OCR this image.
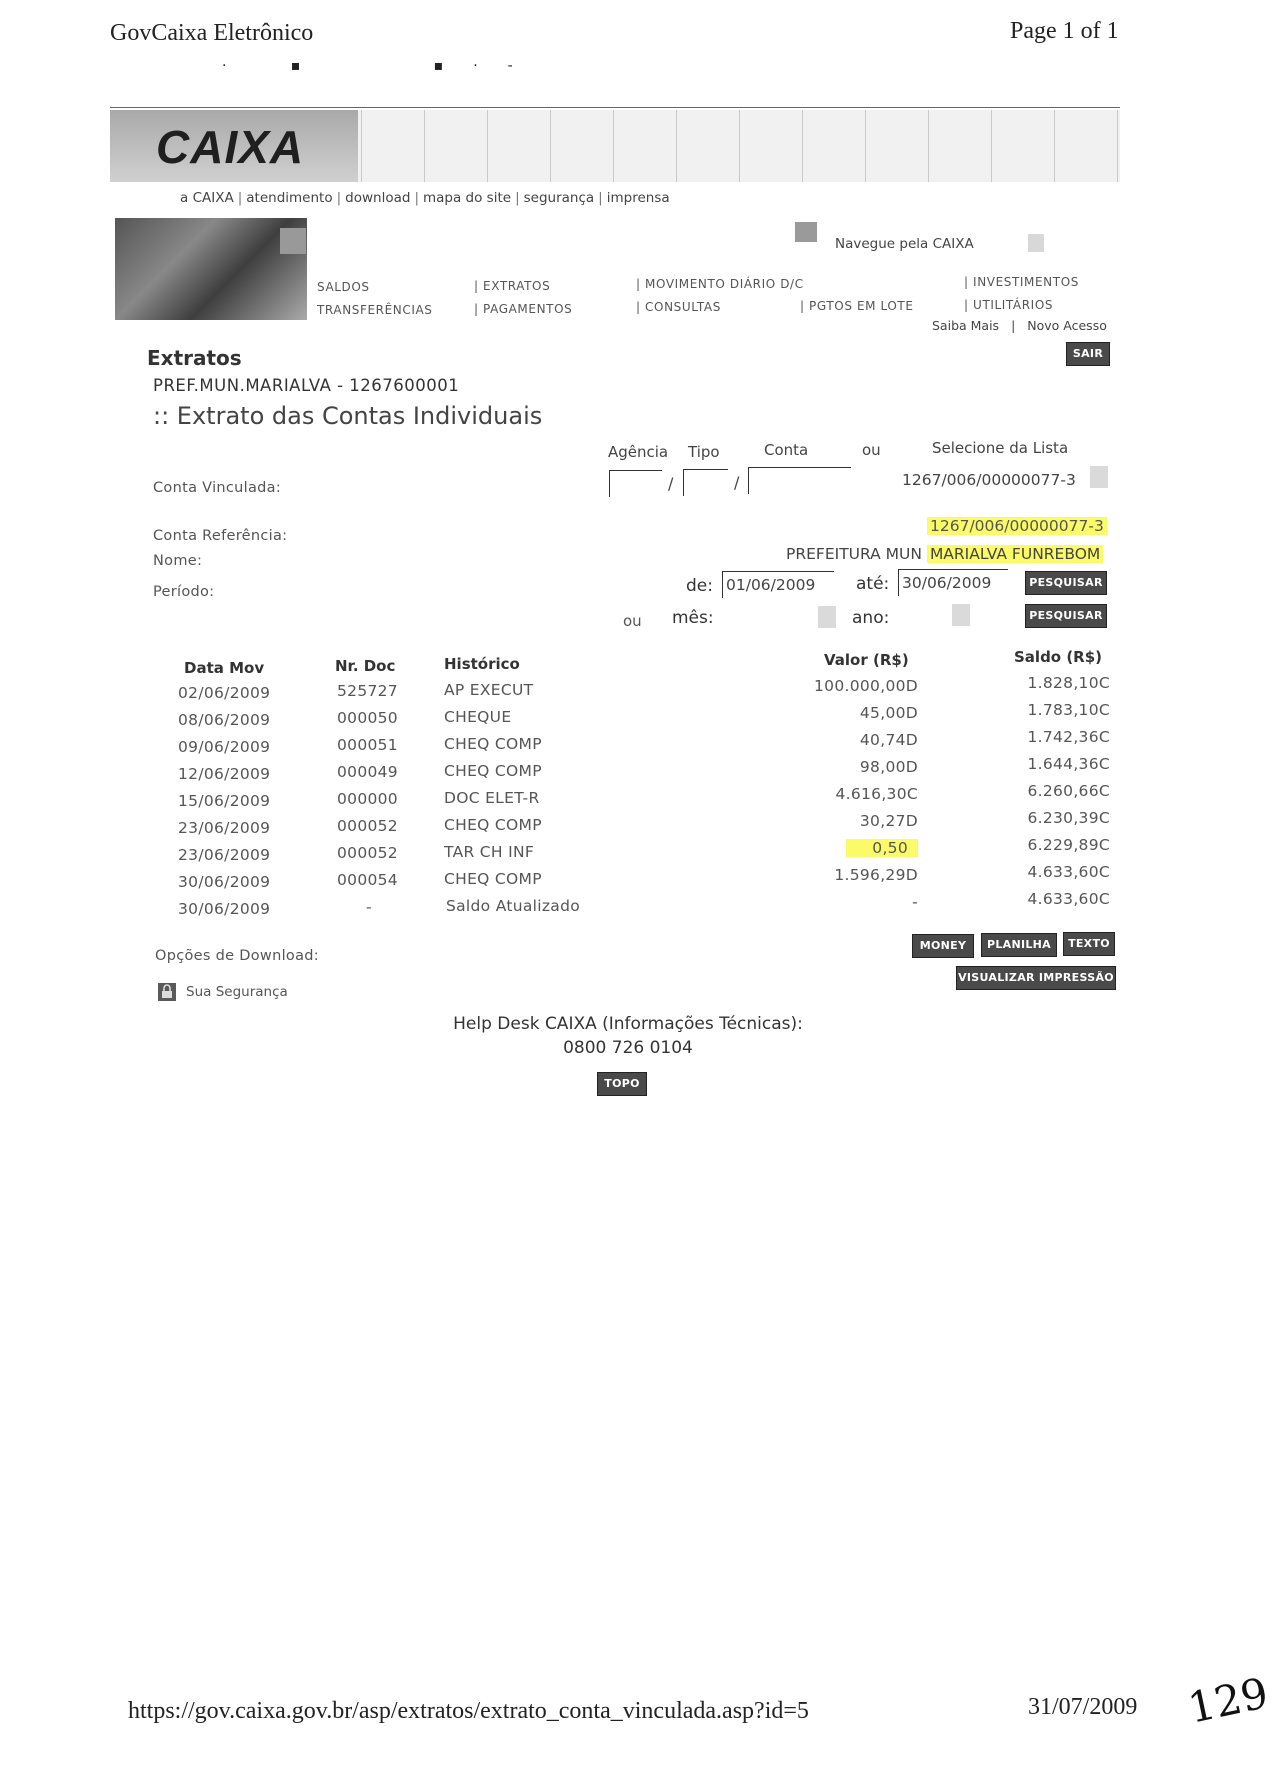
GovCaixa Eletrônico	Page 1 of 1
· ▪   ▪·‐
CAIXA
a CAIXA | atendimento | download | mapa do site | segurança | imprensa
Navegue pela CAIXA
SALDOS
TRANSFERÊNCIAS
| EXTRATOS
| PAGAMENTOS
| MOVIMENTO DIÁRIO D/C
| CONSULTAS	| PGTOS EM LOTE
| INVESTIMENTOS
| UTILITÁRIOS
Saiba Mais | Novo Acesso
SAIR
Extratos
PREF.MUN.MARIALVA - 1267600001
:: Extrato das Contas Individuais
Agência Tipo	Conta	ou	Selecione da Lista
Conta Vinculada:	/	/	1267/006/00000077-3
Conta Referência:
1267/006/00000077-3
Nome:	PREFEITURA MUN MARIALVA FUNREBOM
Período:	de: 01/06/2009	até: 30/06/2009	PESQUISAR
ou mês:	ano:	PESQUISAR
Data Mov	Nr. Doc	Histórico	Valor (R$)	Saldo (R$)
02/06/2009	525727	AP EXECUT	100.000,00D	1.828,10C
08/06/2009	000050	CHEQUE	45,00D	1.783,10C
09/06/2009	000051	CHEQ COMP	40,74D	1.742,36C
12/06/2009	000049	CHEQ COMP	98,00D	1.644,36C
15/06/2009	000000	DOC ELET-R	4.616,30C	6.260,66C
23/06/2009	000052	CHEQ COMP	30,27D	6.230,39C
23/06/2009	000052	TAR CH INF	0,50	6.229,89C
30/06/2009	000054	CHEQ COMP	1.596,29D	4.633,60C
30/06/2009	-	Saldo Atualizado	-	4.633,60C
Opções de Download:
MONEY	PLANILHA	TEXTO
VISUALIZAR IMPRESSÃO
Sua Segurança
Help Desk CAIXA (Informações Técnicas):
0800 726 0104
TOPO
https://gov.caixa.gov.br/asp/extratos/extrato_conta_vinculada.asp?id=5	31/07/2009 129
